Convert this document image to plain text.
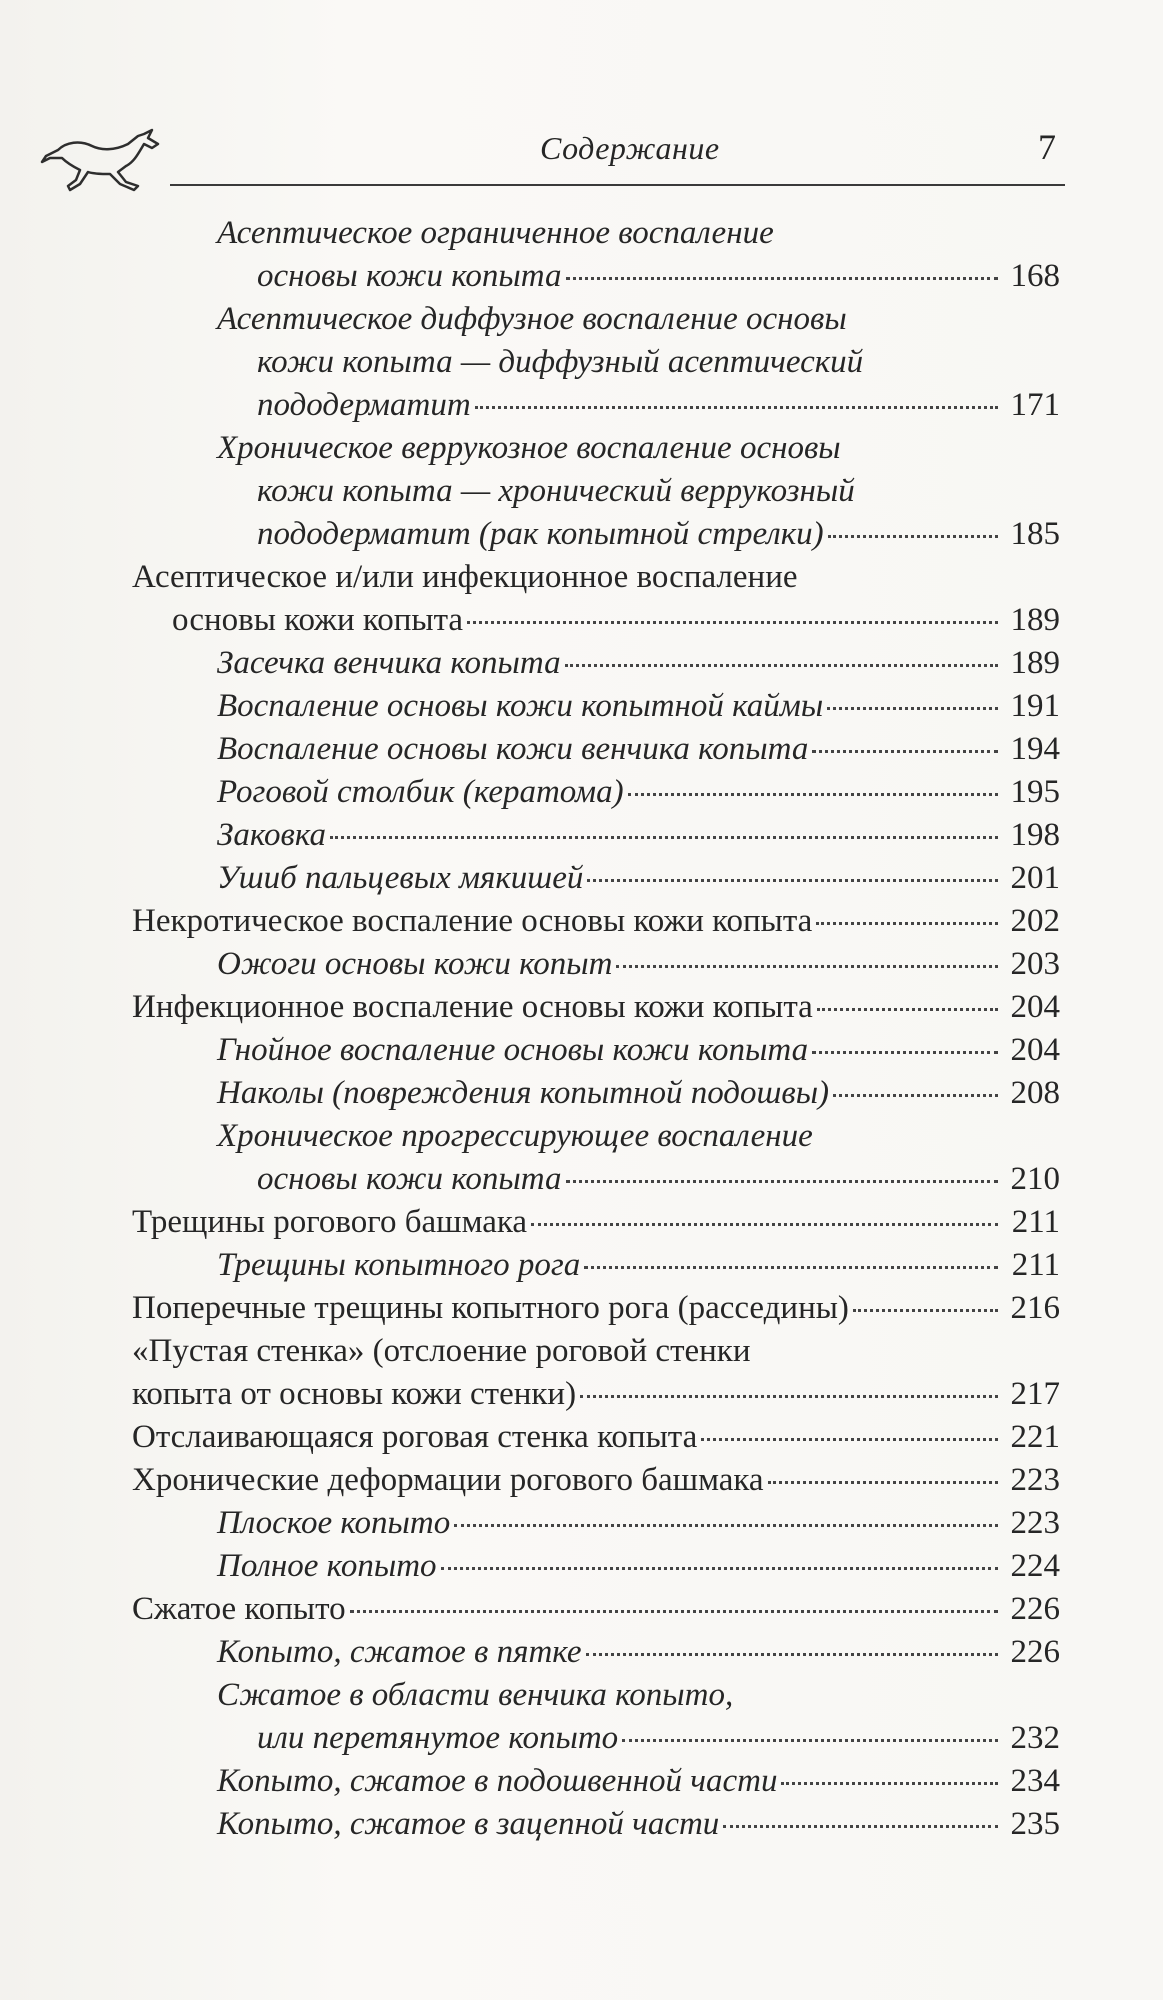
Содержание	7
Асептическое ограниченное воспаление
основы кожи копыта	168
Асептическое диффузное воспаление основы
кожи копыта — диффузный асептический
пододерматит	171
Хроническое веррукозное воспаление основы
кожи копыта — хронический веррукозный
пододерматит (рак копытной стрелки)	185
Асептическое и/или инфекционное воспаление
основы кожи копыта	189
Засечка венчика копыта	189
Воспаление основы кожи копытной каймы	191
Воспаление основы кожи венчика копыта	194
Роговой столбик (кератома)	195
Заковка	198
Ушиб пальцевых мякишей	201
Некротическое воспаление основы кожи копыта	202
Ожоги основы кожи копыт	203
Инфекционное воспаление основы кожи копыта	204
Гнойное воспаление основы кожи копыта	204
Наколы (повреждения копытной подошвы)	208
Хроническое прогрессирующее воспаление
основы кожи копыта	210
Трещины рогового башмака	211
Трещины копытного рога	211
Поперечные трещины копытного рога (расседины)	216
«Пустая стенка» (отслоение роговой стенки
копыта от основы кожи стенки)	217
Отслаивающаяся роговая стенка копыта	221
Хронические деформации рогового башмака	223
Плоское копыто	223
Полное копыто	224
Сжатое копыто	226
Копыто, сжатое в пятке	226
Сжатое в области венчика копыто,
или перетянутое копыто	232
Копыто, сжатое в подошвенной части	234
Копыто, сжатое в зацепной части	235
